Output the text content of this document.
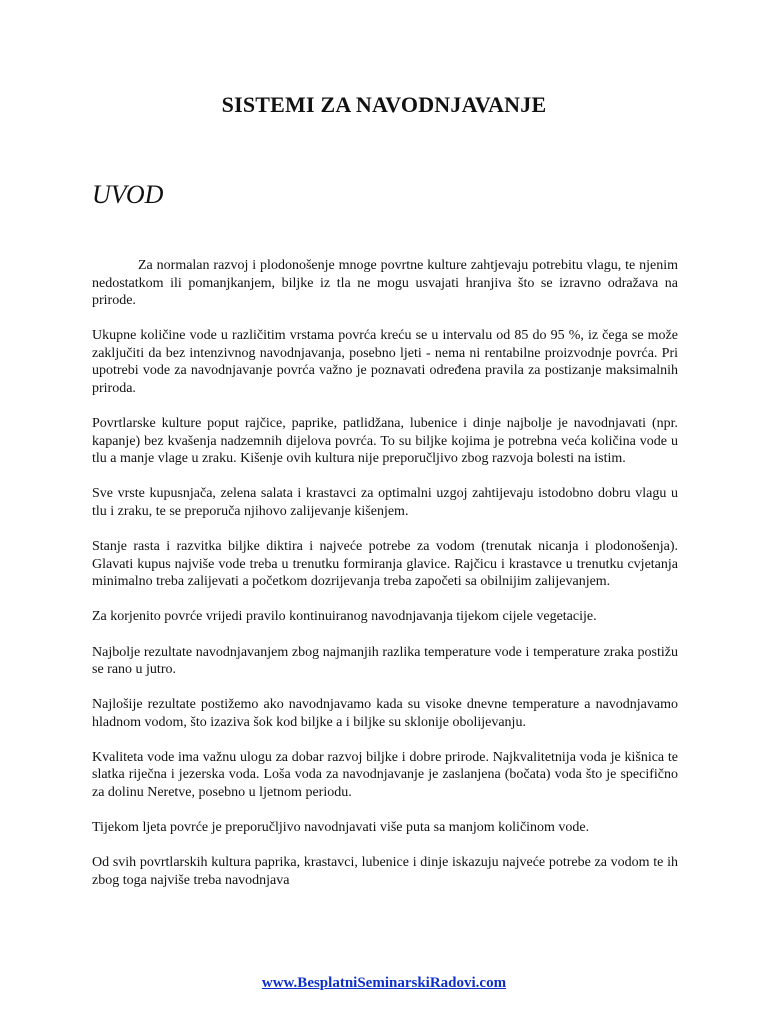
SISTEMI ZA NAVODNJAVANJE
UVOD

Za normalan razvoj i plodonošenje mnoge povrtne kulture zahtjevaju potrebitu vlagu, te njenim nedostatkom ili pomanjkanjem, biljke iz tla ne mogu usvajati hranjiva što se izravno odražava na prirode.

Ukupne količine vode u različitim vrstama povrća kreću se u intervalu od 85 do 95 %, iz čega se može zaključiti da bez intenzivnog navodnjavanja, posebno ljeti - nema ni rentabilne proizvodnje povrća. Pri upotrebi vode za navodnjavanje povrća važno je poznavati određena pravila za postizanje maksimalnih priroda.

Povrtlarske kulture poput rajčice, paprike, patlidžana, lubenice i dinje najbolje je navodnjavati (npr. kapanje) bez kvašenja nadzemnih dijelova povrća. To su biljke kojima je potrebna veća količina vode u tlu a manje vlage u zraku. Kišenje ovih kultura nije preporučljivo zbog razvoja bolesti na istim.

Sve vrste kupusnjača, zelena salata i krastavci za optimalni uzgoj zahtijevaju istodobno dobru vlagu u tlu i zraku, te se preporuča njihovo zalijevanje kišenjem.

Stanje rasta i razvitka biljke diktira i najveće potrebe za vodom (trenutak nicanja i plodonošenja). Glavati kupus najviše vode treba u trenutku formiranja glavice. Rajčicu i krastavce u trenutku cvjetanja minimalno treba zalijevati a početkom dozrijevanja treba započeti sa obilnijim zalijevanjem.

Za korjenito povrće vrijedi pravilo kontinuiranog navodnjavanja tijekom cijele vegetacije.

Najbolje rezultate navodnjavanjem zbog najmanjih razlika temperature vode i temperature zraka postižu se rano u jutro.

Najlošije rezultate postižemo ako navodnjavamo kada su visoke dnevne temperature a navodnjavamo hladnom vodom, što izaziva šok kod biljke a i biljke su sklonije obolijevanju.

Kvaliteta vode ima važnu ulogu za dobar razvoj biljke i dobre prirode. Najkvalitetnija voda je kišnica te slatka riječna i jezerska voda. Loša voda za navodnjavanje je zaslanjena (bočata) voda što je specifično za dolinu Neretve, posebno u ljetnom periodu.

Tijekom ljeta povrće je preporučljivo navodnjavati više puta sa manjom količinom vode.

Od svih povrtlarskih kultura paprika, krastavci, lubenice i dinje iskazuju najveće potrebe za vodom te ih zbog toga najviše treba navodnjava

www.BesplatniSeminarskiRadovi.com
